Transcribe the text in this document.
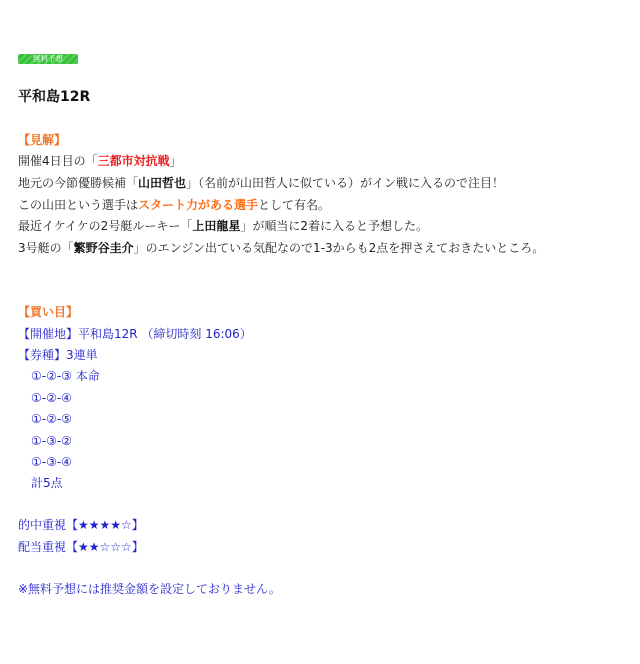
無料予想
平和島12R
【見解】
開催4日目の「三都市対抗戦」
地元の今節優勝候補「山田哲也」（名前が山田哲人に似ている）がイン戦に入るので注目！
この山田という選手はスタート力がある選手として有名。
最近イケイケの2号艇ルーキー「上田龍星」が順当に2着に入ると予想した。
3号艇の「繁野谷圭介」のエンジン出ている気配なので1-3からも2点を押さえておきたいところ。
【買い目】
【開催地】平和島12R （締切時刻 16:06）
【券種】3連単
①-②-③ 本命
①-②-④
①-②-⑤
①-③-②
①-③-④
計5点
的中重視【★★★★☆】
配当重視【★★☆☆☆】
※無料予想には推奨金額を設定しておりません。
